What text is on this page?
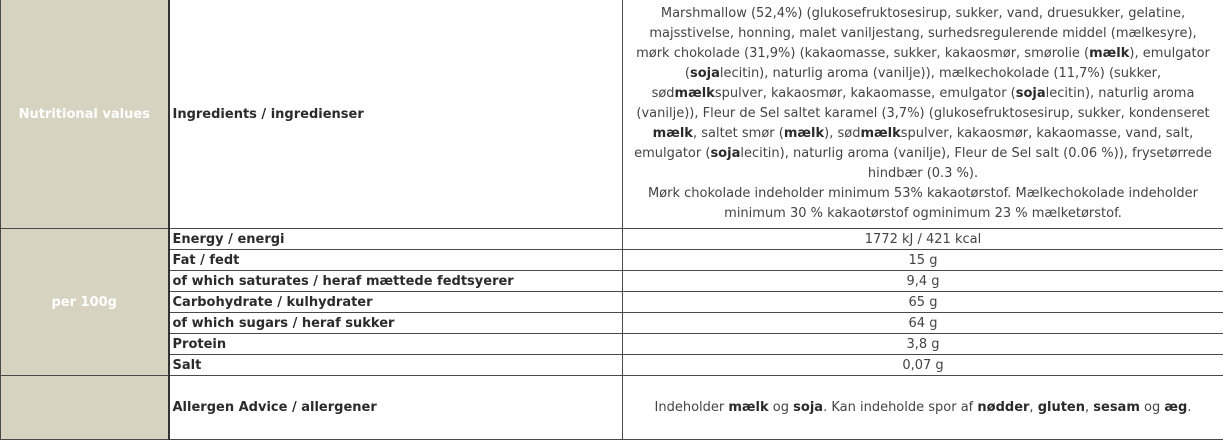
Nutritional values	Ingredients / ingredienser	Marshmallow (52,4%) (glukosefruktosesirup, sukker, vand, druesukker, gelatine, majsstivelse, honning, malet vaniljestang, surhedsregulerende middel (mælkesyre), mørk chokolade (31,9%) (kakaomasse, sukker, kakaosmør, smørolie (mælk), emulgator (sojalecitin), naturlig aroma (vanilje)), mælkechokolade (11,7%) (sukker, sødmælkspulver, kakaosmør, kakaomasse, emulgator (sojalecitin), naturlig aroma (vanilje)), Fleur de Sel saltet karamel (3,7%) (glukosefruktosesirup, sukker, kondenseret mælk, saltet smør (mælk), sødmælkspulver, kakaosmør, kakaomasse, vand, salt, emulgator (sojalecitin), naturlig aroma (vanilje), Fleur de Sel salt (0.06 %)), frysetørrede hindbær (0.3 %).
Mørk chokolade indeholder minimum 53% kakaotørstof. Mælkechokolade indeholder minimum 30 % kakaotørstof ogminimum 23 % mælketørstof.
per 100g	Energy / energi	1772 kJ / 421 kcal
	Fat / fedt	15 g
	of which saturates / heraf mættede fedtsyerer	9,4 g
	Carbohydrate / kulhydrater	65 g
	of which sugars / heraf sukker	64 g
	Protein	3,8 g
	Salt	0,07 g
	Allergen Advice / allergener	Indeholder mælk og soja. Kan indeholde spor af nødder, gluten, sesam og æg.
